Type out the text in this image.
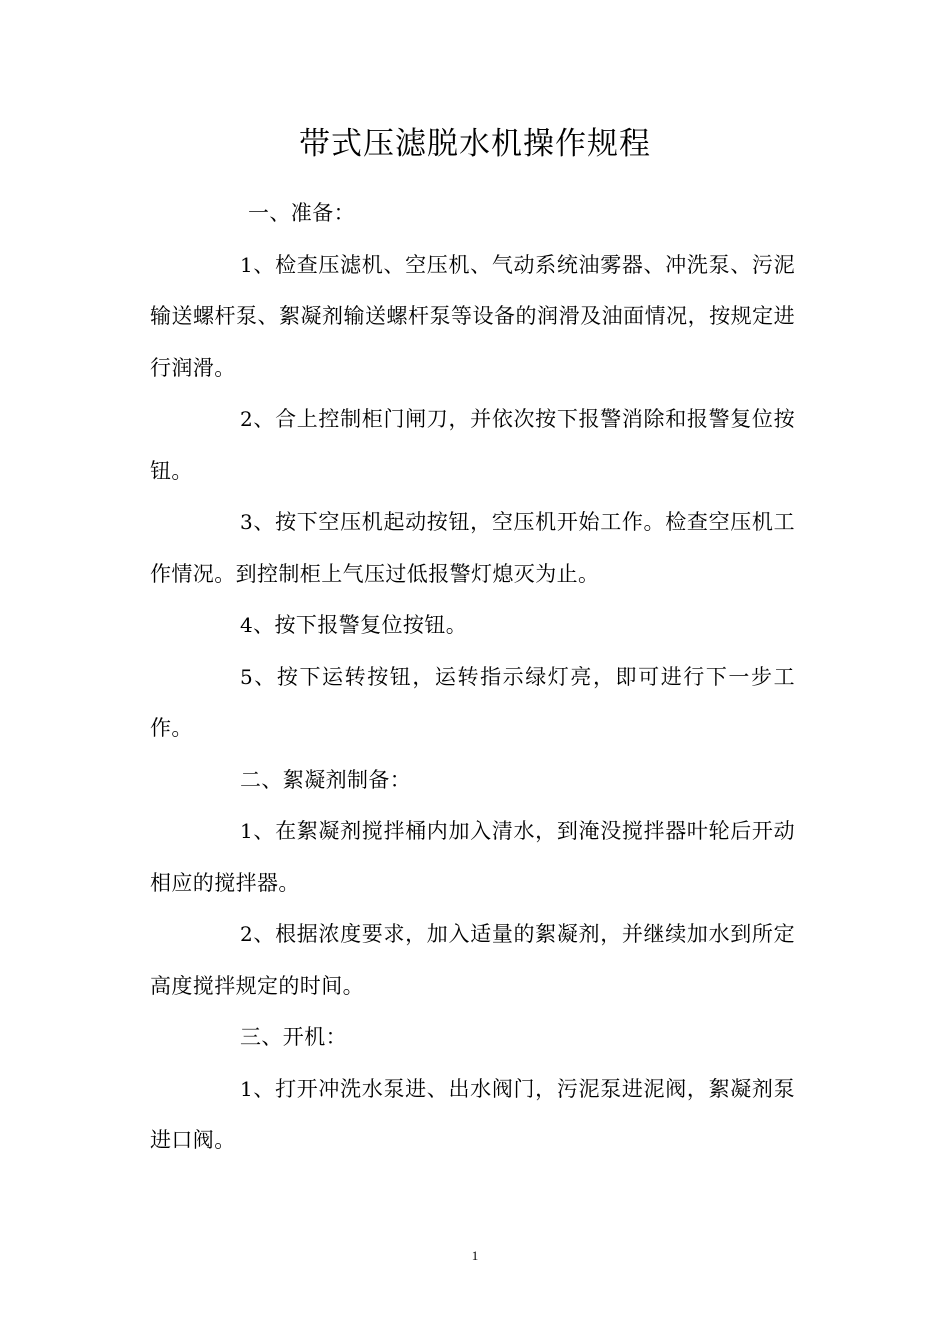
带式压滤脱水机操作规程

一、准备：

1、检查压滤机、空压机、气动系统油雾器、冲洗泵、污泥输送螺杆泵、絮凝剂输送螺杆泵等设备的润滑及油面情况，按规定进行润滑。

2、合上控制柜门闸刀，并依次按下报警消除和报警复位按钮。

3、按下空压机起动按钮，空压机开始工作。检查空压机工作情况。到控制柜上气压过低报警灯熄灭为止。

4、按下报警复位按钮。

5、按下运转按钮，运转指示绿灯亮，即可进行下一步工作。

二、絮凝剂制备：

1、在絮凝剂搅拌桶内加入清水，到淹没搅拌器叶轮后开动相应的搅拌器。

2、根据浓度要求，加入适量的絮凝剂，并继续加水到所定高度搅拌规定的时间。

三、开机：

1、打开冲洗水泵进、出水阀门，污泥泵进泥阀，絮凝剂泵进口阀。

1
